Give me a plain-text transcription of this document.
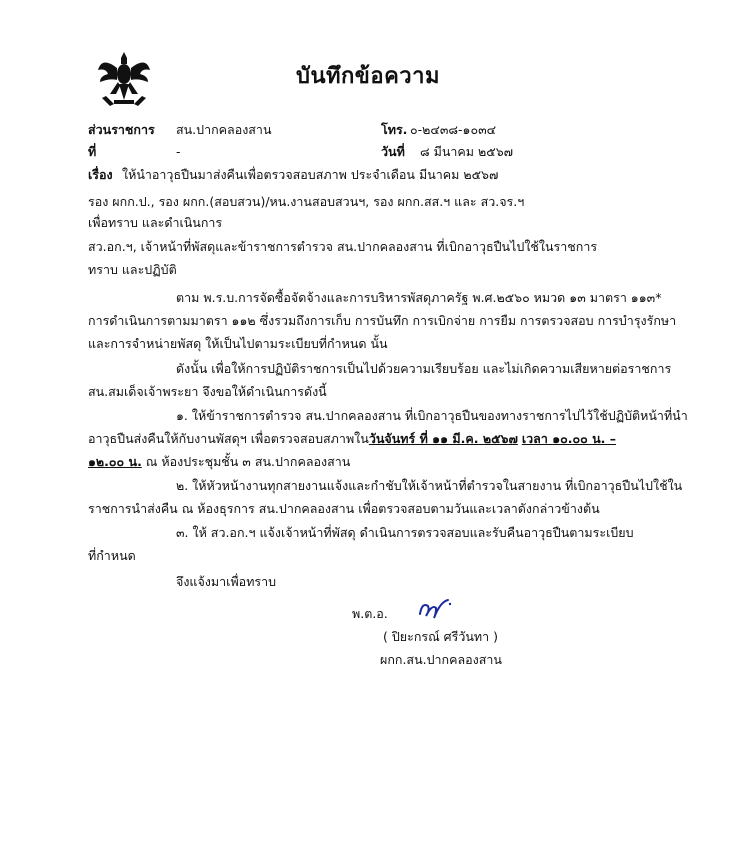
บันทึกข้อความ
ส่วนราชการ สน.ปากคลองสาน	โทร. ๐-๒๔๓๘-๑๐๓๔
ที่	-	วันที่ ๘ มีนาคม ๒๕๖๗
เรื่อง ให้นำอาวุธปืนมาส่งคืนเพื่อตรวจสอบสภาพ ประจำเดือน มีนาคม ๒๕๖๗
รอง ผกก.ป., รอง ผกก.(สอบสวน)/หน.งานสอบสวนฯ, รอง ผกก.สส.ฯ และ สว.จร.ฯ
เพื่อทราบ และดำเนินการ
สว.อก.ฯ, เจ้าหน้าที่พัสดุและข้าราชการตำรวจ สน.ปากคลองสาน ที่เบิกอาวุธปืนไปใช้ในราชการ
ทราบ และปฏิบัติ
ตาม พ.ร.บ.การจัดซื้อจัดจ้างและการบริหารพัสดุภาครัฐ พ.ศ.๒๕๖๐ หมวด ๑๓ มาตรา ๑๑๓*
การดำเนินการตามมาตรา ๑๑๒ ซึ่งรวมถึงการเก็บ การบันทึก การเบิกจ่าย การยืม การตรวจสอบ การบำรุงรักษา
และการจำหน่ายพัสดุ ให้เป็นไปตามระเบียบที่กำหนด นั้น
ดังนั้น เพื่อให้การปฏิบัติราชการเป็นไปด้วยความเรียบร้อย และไม่เกิดความเสียหายต่อราชการ
สน.สมเด็จเจ้าพระยา จึงขอให้ดำเนินการดังนี้
๑. ให้ข้าราชการตำรวจ สน.ปากคลองสาน ที่เบิกอาวุธปืนของทางราชการไปไว้ใช้ปฏิบัติหน้าที่นำ
อาวุธปืนส่งคืนให้กับงานพัสดุฯ เพื่อตรวจสอบสภาพในวันจันทร์ ที่ ๑๑ มี.ค. ๒๕๖๗ เวลา ๑๐.๐๐ น. –
๑๒.๐๐ น. ณ ห้องประชุมชั้น ๓ สน.ปากคลองสาน
๒. ให้หัวหน้างานทุกสายงานแจ้งและกำชับให้เจ้าหน้าที่ตำรวจในสายงาน ที่เบิกอาวุธปืนไปใช้ใน
ราชการนำส่งคืน ณ ห้องธุรการ สน.ปากคลองสาน เพื่อตรวจสอบตามวันและเวลาดังกล่าวข้างต้น
๓. ให้ สว.อก.ฯ แจ้งเจ้าหน้าที่พัสดุ ดำเนินการตรวจสอบและรับคืนอาวุธปืนตามระเบียบ
ที่กำหนด
จึงแจ้งมาเพื่อทราบ
พ.ต.อ.
( ปิยะกรณ์ ศรีวันทา )
ผกก.สน.ปากคลองสาน
